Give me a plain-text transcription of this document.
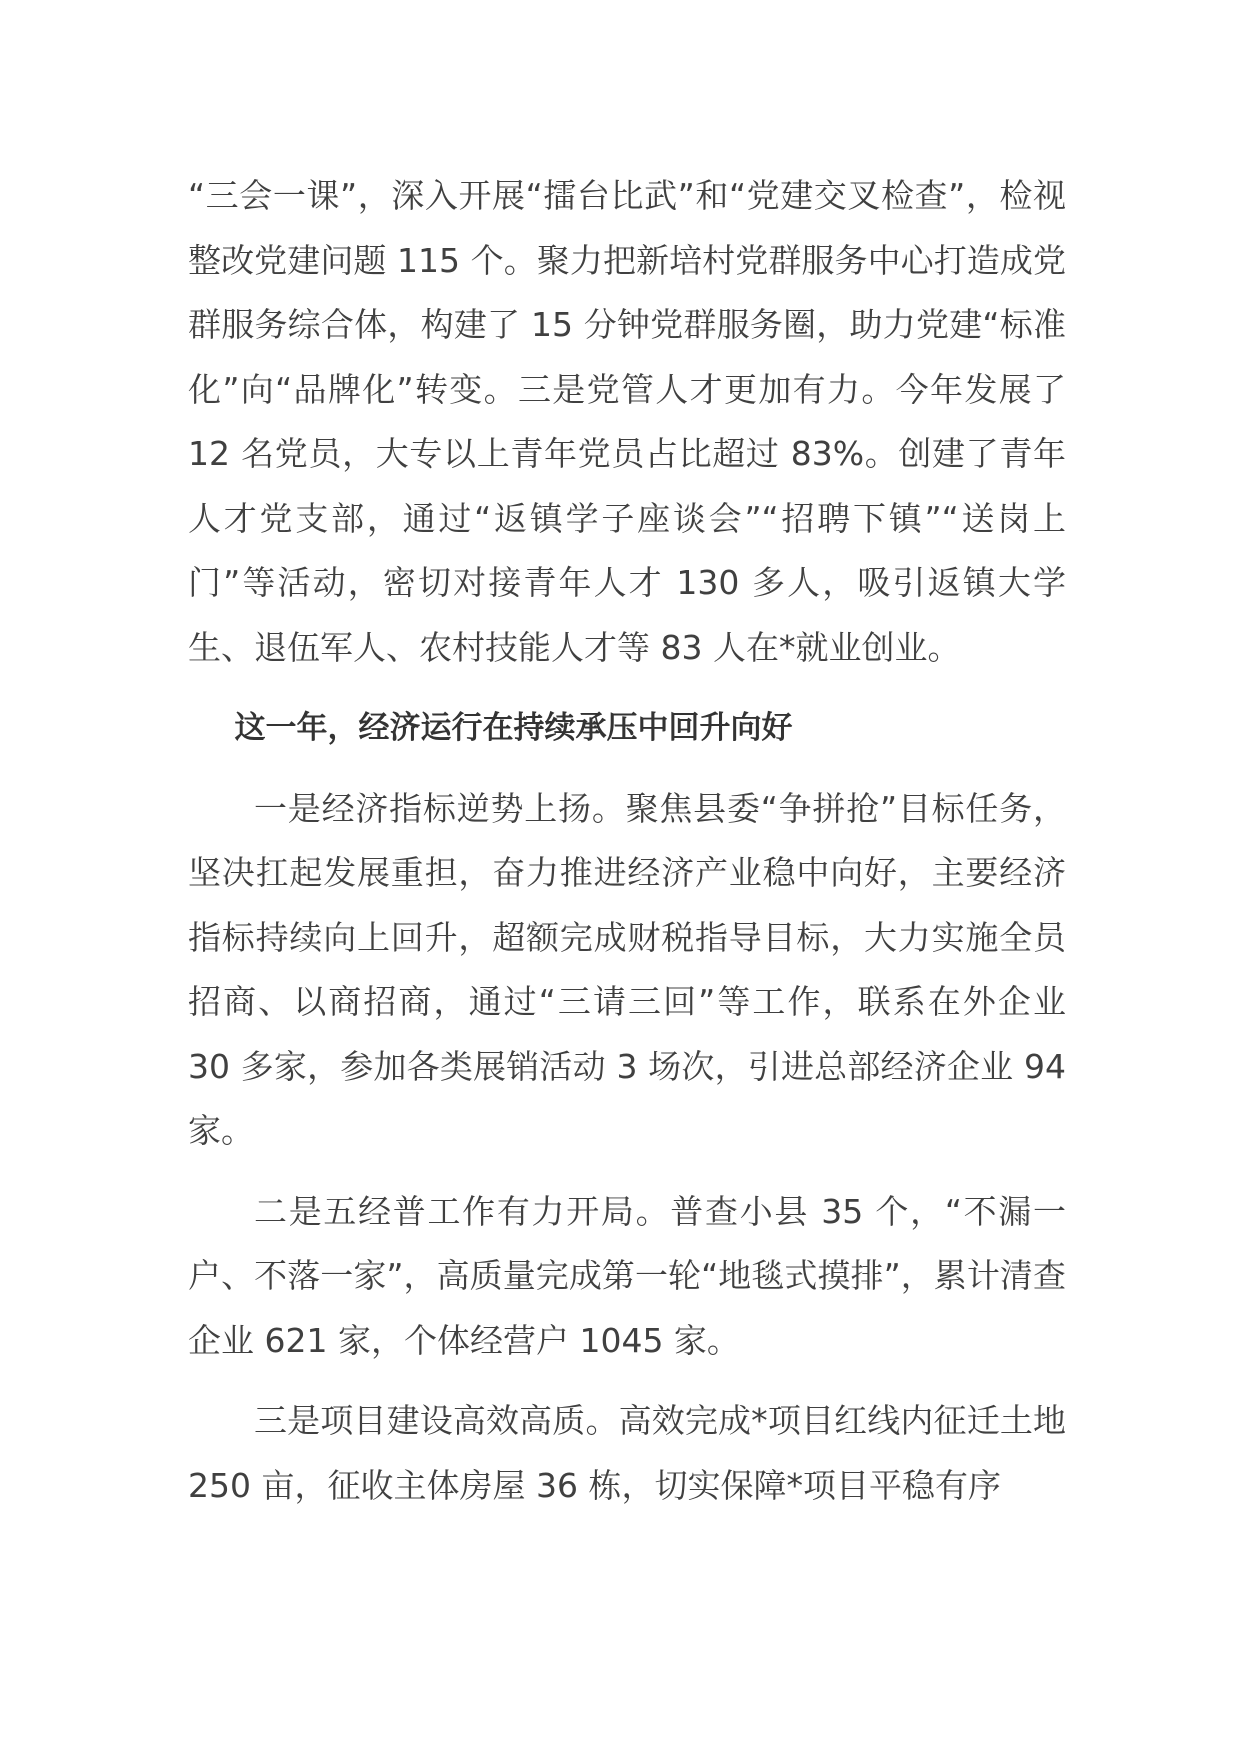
“三会一课”，深入开展“擂台比武”和“党建交叉检查”，检视整改党建问题 115 个。聚力把新培村党群服务中心打造成党群服务综合体，构建了 15 分钟党群服务圈，助力党建“标准化”向“品牌化”转变。三是党管人才更加有力。今年发展了 12 名党员，大专以上青年党员占比超过 83%。创建了青年人才党支部，通过“返镇学子座谈会”“招聘下镇”“送岗上门”等活动，密切对接青年人才 130 多人，吸引返镇大学生、退伍军人、农村技能人才等 83 人在*就业创业。

这一年，经济运行在持续承压中回升向好

一是经济指标逆势上扬。聚焦县委“争拼抢”目标任务，坚决扛起发展重担，奋力推进经济产业稳中向好，主要经济指标持续向上回升，超额完成财税指导目标，大力实施全员招商、以商招商，通过“三请三回”等工作，联系在外企业 30 多家，参加各类展销活动 3 场次，引进总部经济企业 94 家。

二是五经普工作有力开局。普查小县 35 个，“不漏一户、不落一家”，高质量完成第一轮“地毯式摸排”，累计清查企业 621 家，个体经营户 1045 家。

三是项目建设高效高质。高效完成*项目红线内征迁土地 250 亩，征收主体房屋 36 栋，切实保障*项目平稳有序
